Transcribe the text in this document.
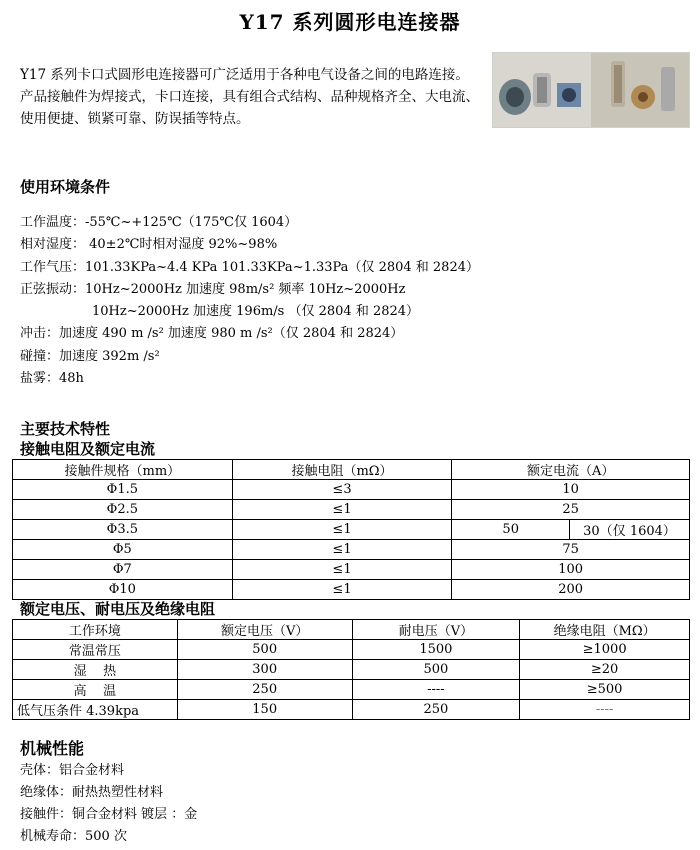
Y17 系列圆形电连接器

Y17 系列卡口式圆形电连接器可广泛适用于各种电气设备之间的电路连接。

产品接触件为焊接式，卡口连接，具有组合式结构、品种规格齐全、大电流、使用便捷、锁紧可靠、防误插等特点。

使用环境条件
工作温度：-55℃~+125℃（175℃仅 1604）
相对湿度： 40±2℃时相对湿度 92%~98%
工作气压：101.33KPa~4.4 KPa 101.33KPa~1.33Pa（仅 2804 和 2824）
正弦振动：10Hz~2000Hz 加速度 98m/s² 频率 10Hz~2000Hz
10Hz~2000Hz 加速度 196m/s （仅 2804 和 2824）
冲击：加速度 490 m /s² 加速度 980 m /s²（仅 2804 和 2824）
碰撞：加速度 392m /s²
盐雾：48h
主要技术特性
接触电阻及额定电流
接触件规格（mm）	接触电阻（mΩ）	额定电流（A）	
Φ1.5	≤3	10	
Φ2.5	≤1	25	
Φ3.5	≤1	50	30（仅 1604）
Φ5	≤1	75	
Φ7	≤1	100	
Φ10	≤1	200	
额定电压、耐电压及绝缘电阻
工作环境	额定电压（V）	耐电压（V）	绝缘电阻（MΩ）
常温常压	500	1500	≥1000
湿    热	300	500	≥20
高    温	250	----	≥500
低气压条件 4.39kpa	150	250	----
机械性能
壳体：铝合金材料
绝缘体：耐热热塑性材料
接触件：铜合金材料 镀层 ：金
机械寿命：500 次
